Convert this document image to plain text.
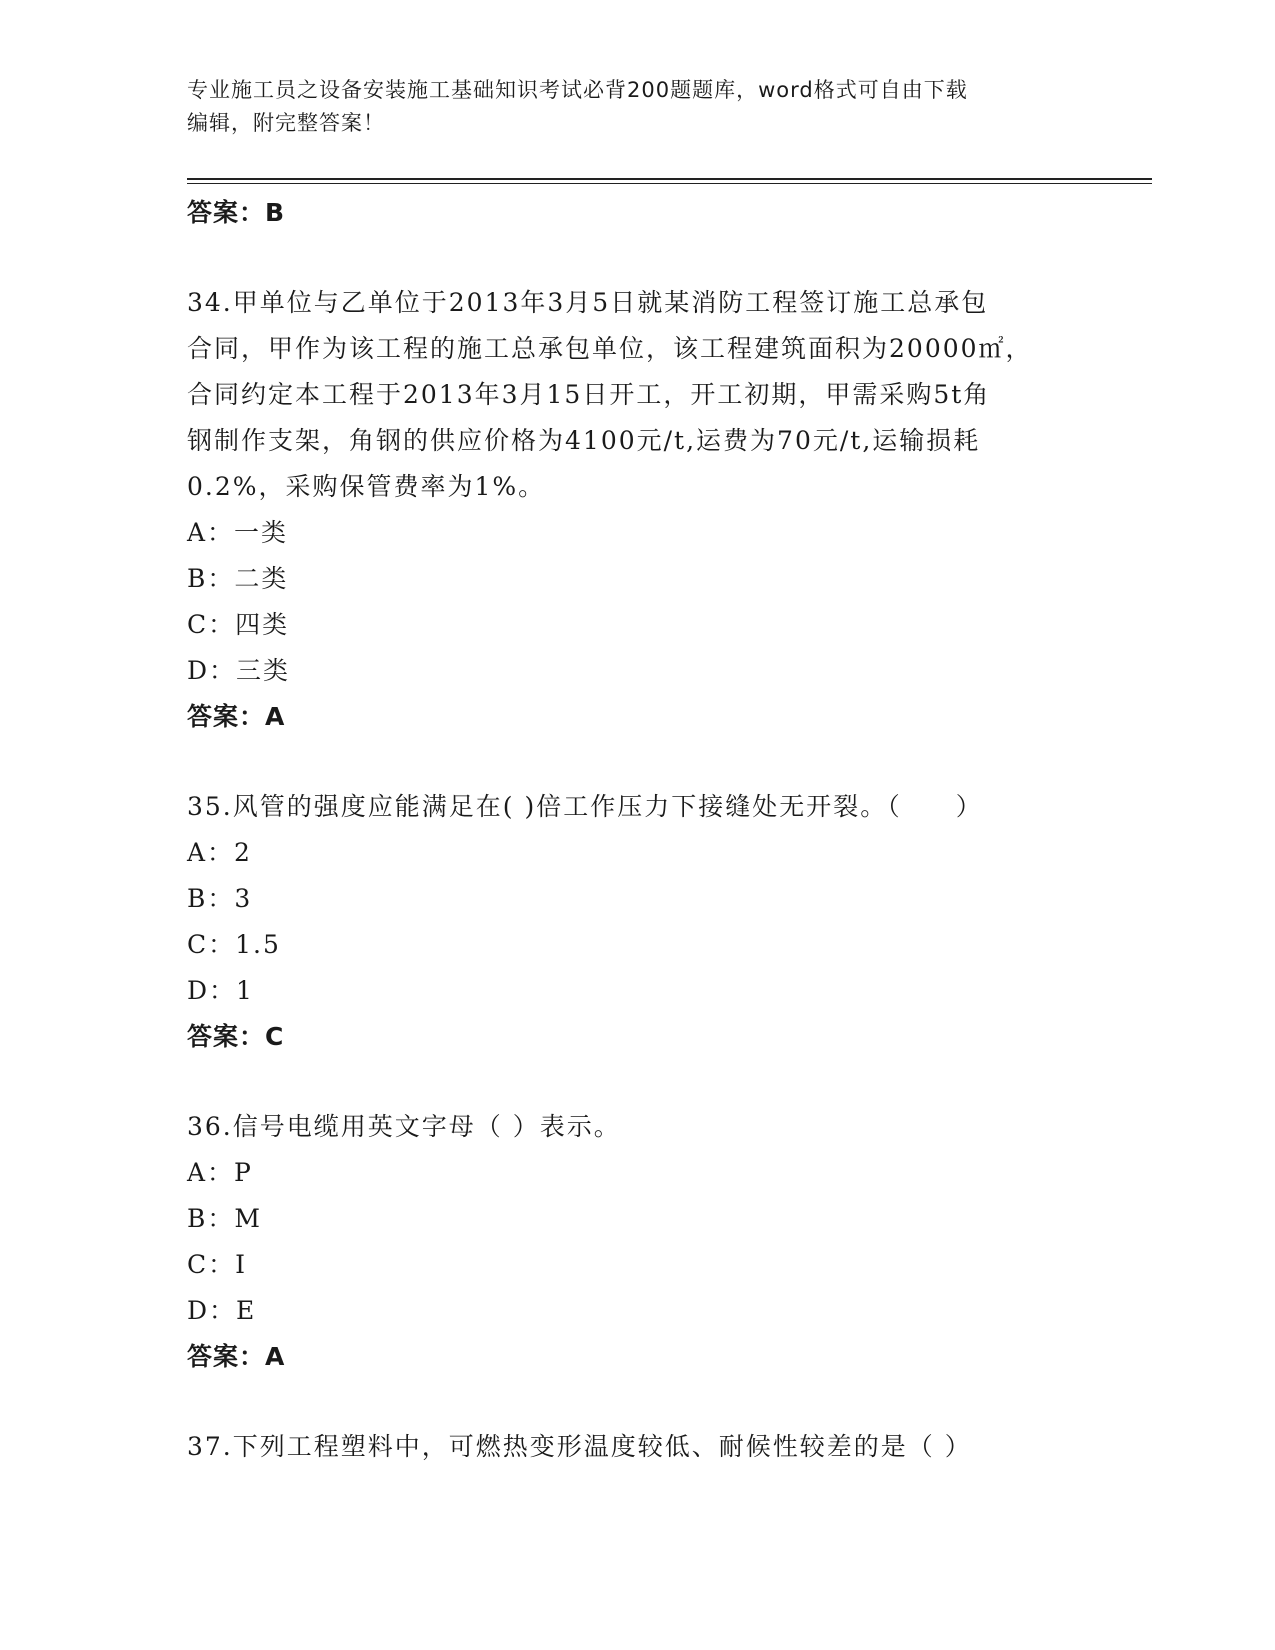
专业施工员之设备安装施工基础知识考试必背200题题库，word格式可自由下载
编辑，附完整答案！
答案：B
34.甲单位与乙单位于2013年3月5日就某消防工程签订施工总承包
合同，甲作为该工程的施工总承包单位，该工程建筑面积为20000㎡，
合同约定本工程于2013年3月15日开工，开工初期，甲需采购5t角
钢制作支架，角钢的供应价格为4100元/t,运费为70元/t,运输损耗
0.2%，采购保管费率为1%。
A：一类
B：二类
C：四类
D：三类
答案：A
35.风管的强度应能满足在( )倍工作压力下接缝处无开裂。（　　）
A：2
B：3
C：1.5
D：1
答案：C
36.信号电缆用英文字母（ ）表示。
A：P
B：M
C：I
D：E
答案：A
37.下列工程塑料中，可燃热变形温度较低、耐候性较差的是（ ）
